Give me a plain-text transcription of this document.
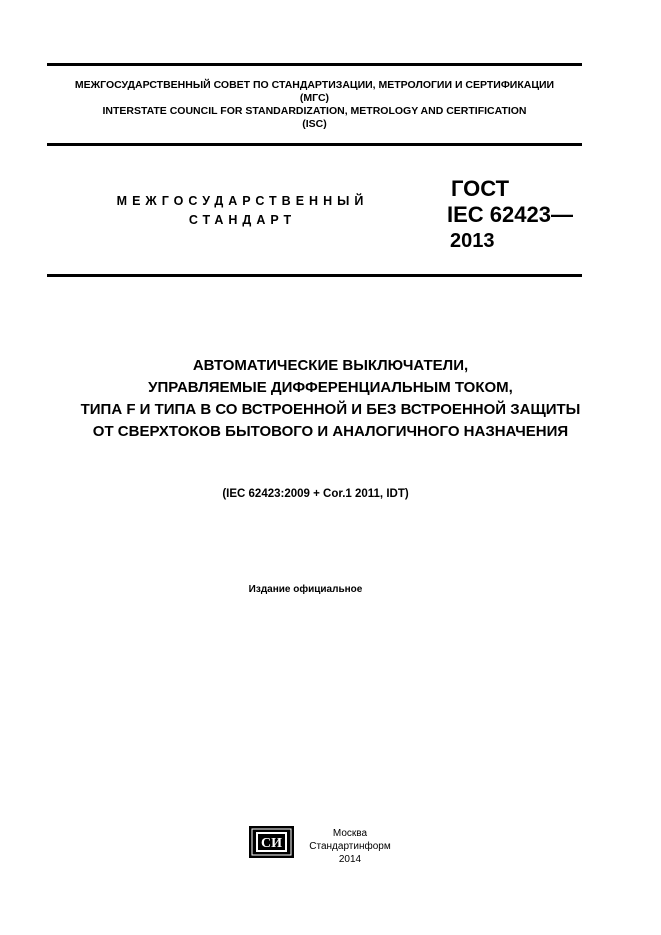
МЕЖГОСУДАРСТВЕННЫЙ СОВЕТ ПО СТАНДАРТИЗАЦИИ, МЕТРОЛОГИИ И СЕРТИФИКАЦИИ
(МГС)
INTERSTATE COUNCIL FOR STANDARDIZATION, METROLOGY AND CERTIFICATION
(ISC)
МЕЖГОСУДАРСТВЕННЫЙ
СТАНДАРТ
ГОСТ
IEC 62423—
2013
АВТОМАТИЧЕСКИЕ ВЫКЛЮЧАТЕЛИ,
УПРАВЛЯЕМЫЕ ДИФФЕРЕНЦИАЛЬНЫМ ТОКОМ,
ТИПА F И ТИПА B СО ВСТРОЕННОЙ И БЕЗ ВСТРОЕННОЙ ЗАЩИТЫ
ОТ СВЕРХТОКОВ БЫТОВОГО И АНАЛОГИЧНОГО НАЗНАЧЕНИЯ
(IEC 62423:2009 + Cor.1 2011, IDT)
Издание официальное
СИ
Москва
Стандартинформ
2014
